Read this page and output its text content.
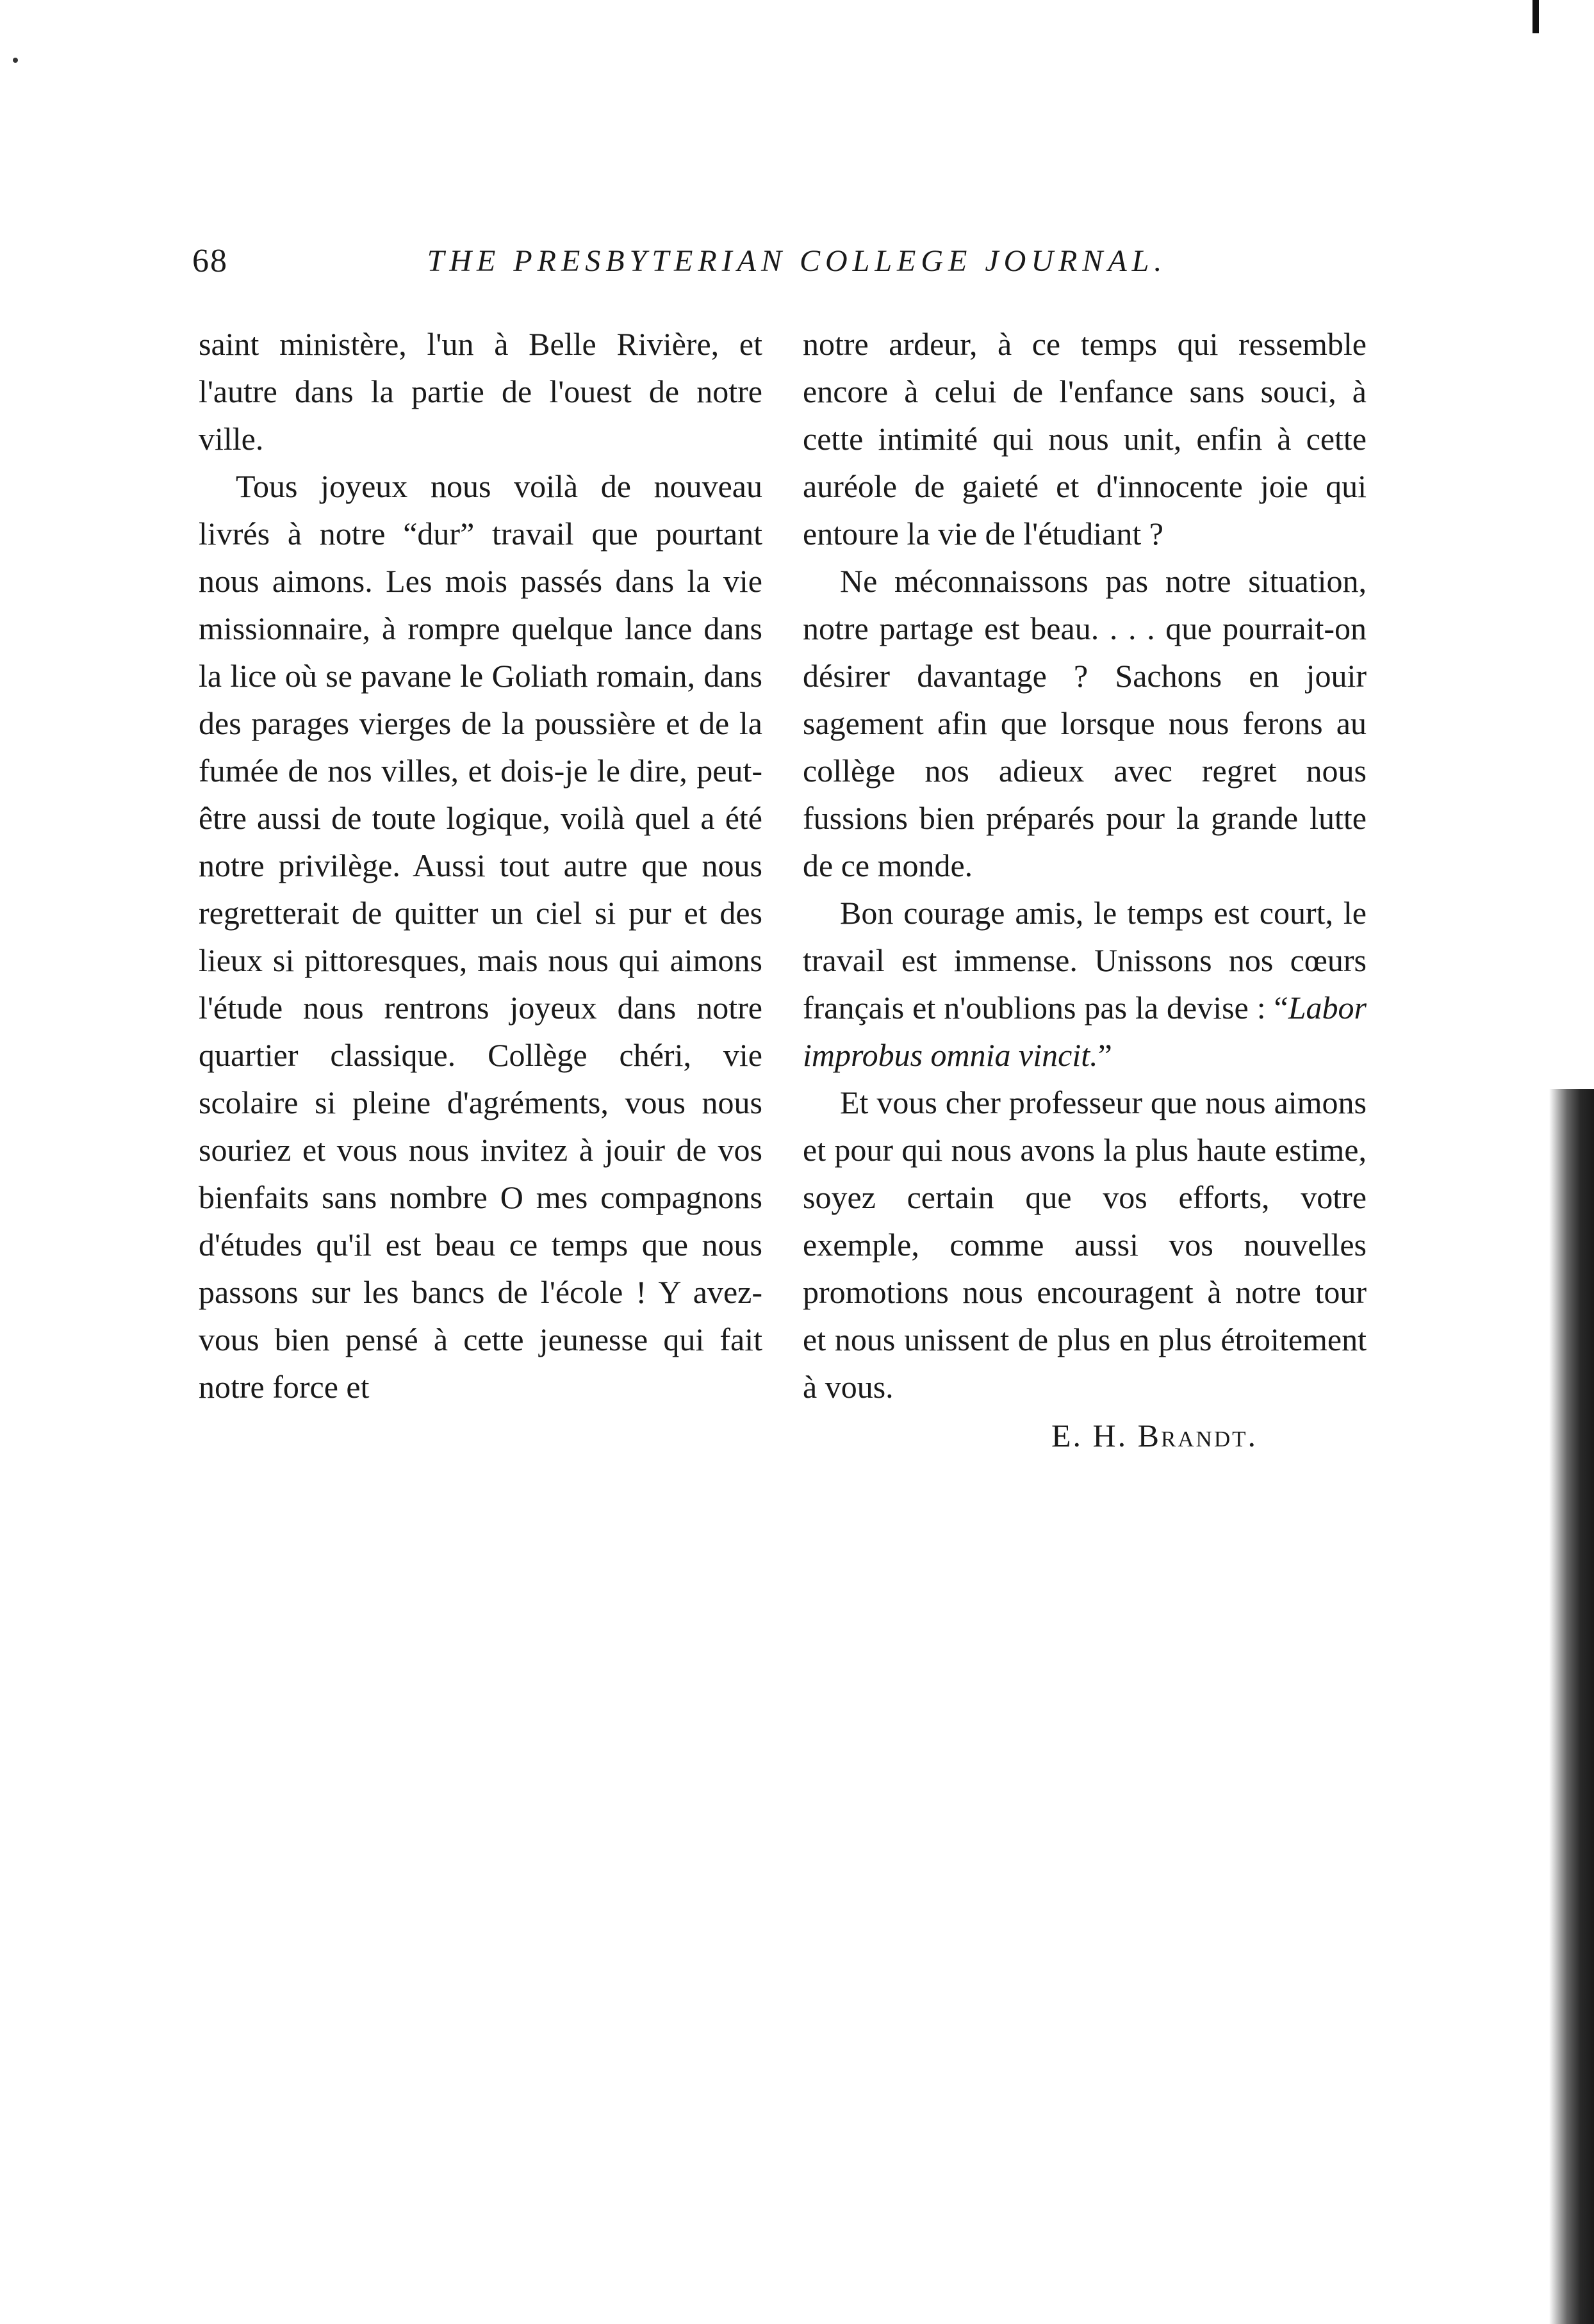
68	THE PRESBYTERIAN COLLEGE JOURNAL.

saint ministère, l'un à Belle Rivière, et l'autre dans la partie de l'ouest de notre ville.

Tous joyeux nous voilà de nouveau livrés à notre “dur” travail que pourtant nous aimons. Les mois passés dans la vie missionnaire, à rompre quelque lance dans la lice où se pavane le Goliath romain, dans des parages vierges de la poussière et de la fumée de nos villes, et dois-je le dire, peut-être aussi de toute logique, voilà quel a été notre privilège. Aussi tout autre que nous regretterait de quitter un ciel si pur et des lieux si pittoresques, mais nous qui aimons l'étude nous rentrons joyeux dans notre quartier classique. Collège chéri, vie scolaire si pleine d'agréments, vous nous souriez et vous nous invitez à jouir de vos bienfaits sans nombre O mes compagnons d'études qu'il est beau ce temps que nous passons sur les bancs de l'école ! Y avez-vous bien pensé à cette jeunesse qui fait notre force et

notre ardeur, à ce temps qui ressemble encore à celui de l'enfance sans souci, à cette intimité qui nous unit, enfin à cette auréole de gaieté et d'innocente joie qui entoure la vie de l'étudiant ?

Ne méconnaissons pas notre situation, notre partage est beau. . . . que pourrait-on désirer davantage ? Sachons en jouir sagement afin que lorsque nous ferons au collège nos adieux avec regret nous fussions bien préparés pour la grande lutte de ce monde.

Bon courage amis, le temps est court, le travail est immense. Unissons nos cœurs français et n'oublions pas la devise : “Labor improbus omnia vincit.”

Et vous cher professeur que nous aimons et pour qui nous avons la plus haute estime, soyez certain que vos efforts, votre exemple, comme aussi vos nouvelles promotions nous encouragent à notre tour et nous unissent de plus en plus étroitement à vous.

E. H. Brandt.
